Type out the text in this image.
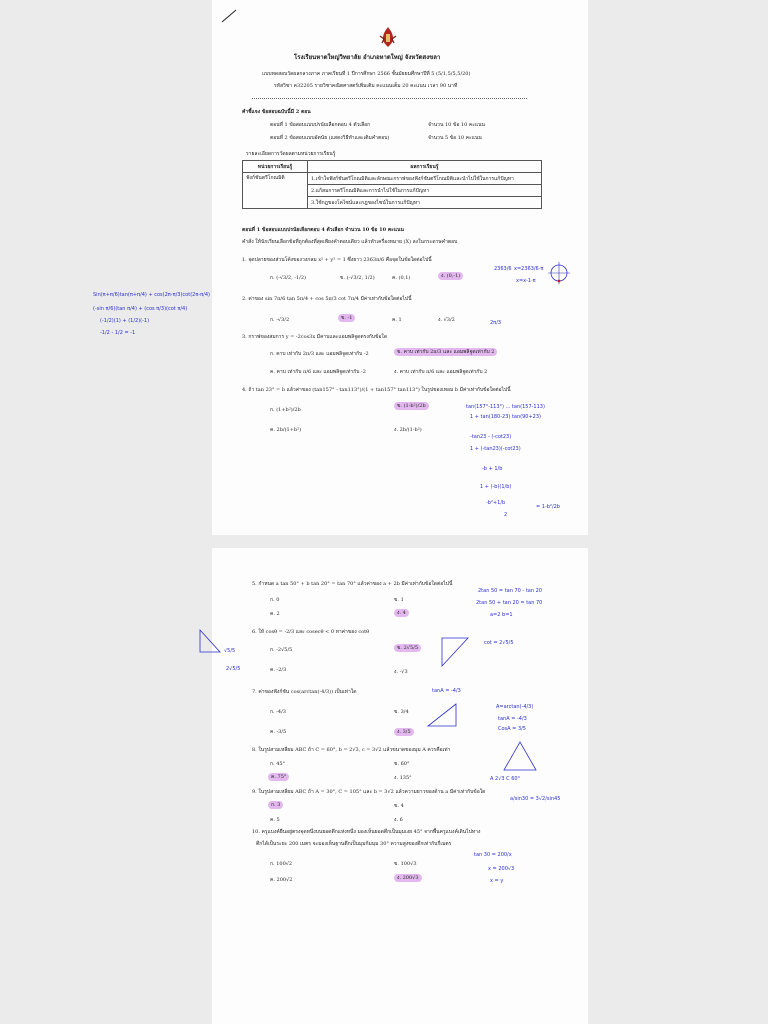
โรงเรียนหาดใหญ่วิทยาลัย อำเภอหาดใหญ่ จังหวัดสงขลา
แบบทดสอบวัดผลกลางภาค ภาคเรียนที่ 1 ปีการศึกษา 2566 ชั้นมัธยมศึกษาปีที่ 5 (5/1,5/5,5/20)
รหัสวิชา ค32205 รายวิชาคณิตศาสตร์เพิ่มเติม คะแนนเต็ม 20 คะแนน เวลา 90 นาที
คำชี้แจง ข้อสอบฉบับนี้มี 2 ตอน
ตอนที่ 1 ข้อสอบแบบปรนัยเลือกตอบ 4 ตัวเลือก	จำนวน 10 ข้อ 10 คะแนน
ตอนที่ 2 ข้อสอบแบบอัตนัย (แสดงวิธีทำและเติมคำตอบ)	จำนวน 5 ข้อ 10 คะแนน
รายละเอียดการวัดผลตามหน่วยการเรียนรู้
หน่วยการเรียนรู้	ผลการเรียนรู้
ฟังก์ชันตรีโกณมิติ	1.เข้าใจฟังก์ชันตรีโกณมิติและลักษณะกราฟของฟังก์ชันตรีโกณมิติและนำไปใช้ในการแก้ปัญหา
	2.แก้สมการตรีโกณมิติและการนำไปใช้ในการแก้ปัญหา
	3.ใช้กฎของโคไซน์และกฎของไซน์ในการแก้ปัญหา
ตอนที่ 1 ข้อสอบแบบปรนัยเลือกตอบ 4 ตัวเลือก จำนวน 10 ข้อ 10 คะแนน
คำสั่ง ให้นักเรียนเลือกข้อที่ถูกต้องที่สุดเพียงคำตอบเดียว แล้วทำเครื่องหมาย (X) ลงในกระดาษคำตอบ
1. จุดปลายของส่วนโค้งของวงกลม x² + y² = 1 ซึ่งยาว 2363π/6 คือจุดในข้อใดต่อไปนี้
ก. (-√3/2, -1/2)	ข. (-√3/2, 1/2)	ค. (0,1)	ง. (0,-1)
2. ค่าของ sin 7π/6 tan 5π/4 + cos 5π/3 cot 7π/4 มีค่าเท่ากับข้อใดต่อไปนี้
ก. -√3/2	ข. -1	ค. 1	ง. √3/2
3. กราฟของสมการ y = -2cos3x มีคาบและแอมพลิจูดตรงกับข้อใด
ก. คาบ เท่ากับ 2π/3 และ แอมพลิจูดเท่ากับ -2	ข. คาบ เท่ากับ 2π/3 และ แอมพลิจูดเท่ากับ 2
ค. คาบ เท่ากับ π/6 และ แอมพลิจูดเท่ากับ -2	ง. คาบ เท่ากับ π/6 และ แอมพลิจูดเท่ากับ 2
4. ถ้า tan 23° = b แล้วค่าของ (tan157° - tan113°)/(1 + tan157° tan113°) ในรูปของเทอม b มีค่าเท่ากับข้อใดต่อไปนี้
ก. (1+b²)/2b
ข. (1-b²)/2b
ค. 2b/(1+b²)	ง. 2b/(1-b²)
5. กำหนด a tan 50° + b tan 20° = tan 70° แล้วค่าของ a + 2b มีค่าเท่ากับข้อใดต่อไปนี้
ก. 0	ข. 1
ค. 2	ง. 4
6. ให้ cosθ = -2/3 และ cosecθ < 0 หาค่าของ cotθ
ก. -2√5/5	ข. 2√5/5
ค. -2/3	ง. -√3
7. ค่าของฟังก์ชัน cos(arctan(-4/3)) เป็นเท่าใด
ก. -4/3	ข. 3/4
ค. -3/5	ง. 3/5
8. ในรูปสามเหลี่ยม ABC ถ้า C = 60°, b = 2√3, c = 3√2 แล้วขนาดของมุม A ควรคือเท่า
ก. 45°	ข. 60°
ค. 75°	ง. 135°
9. ในรูปสามเหลี่ยม ABC ถ้า A = 30°, C = 105° และ b = 3√2 แล้วความยาวของด้าน a มีค่าเท่ากับข้อใด
ก. 3	ข. 4
ค. 5	ง. 6
10. ครูแบงค์ยืนอยู่ตรงจุดหนึ่งบนยอดตึกแห่งหนึ่ง มองเห็นยอดตึกเป็นมุมเงย 45° จากพื้นครูแบงค์เดินไปทาง
ตึกได้เป็นระยะ 200 เมตร จะมองเห็นฐานตึกเป็นมุมก้มมุม 30° ความสูงของตึกเท่ากับกี่เมตร
ก. 100√2	ข. 100√3
ค. 200√2	ง. 200√3
Sin(π+π/6)tan(π+π/4) + cos(2π-π/3)cot(2π-π/4)
(-sin π/6)(tan π/4) + (cos π/3)(cot π/4)
(-1/2)(1) + (1/2)(-1)
-1/2 - 1/2 = -1
2363/6 x=2363/6·π
x=x-1·π
2π/3
tan(157°-113°) ... tan(157-113)
1 + tan(180-23) tan(90+23)
-tan23 - (-cot23)
1 + (-tan23)(-cot23)
-b + 1/b
1 + (-b)(1/b)
-b²+1/b
2
= 1-b²/2b
2tan 50 = tan 70 - tan 20
2tan 50 + tan 20 = tan 70
a=2 b=1
√5/5
2√5/5
cot = 2√5/5
tanA = -4/3
A=arctan(-4/3)
tanA = -4/3
CosA = 3/5
A 2√3 C 60°
a/sin30 = 3√2/sin45
tan 30 = 200/x
x = 200√3
x = y
